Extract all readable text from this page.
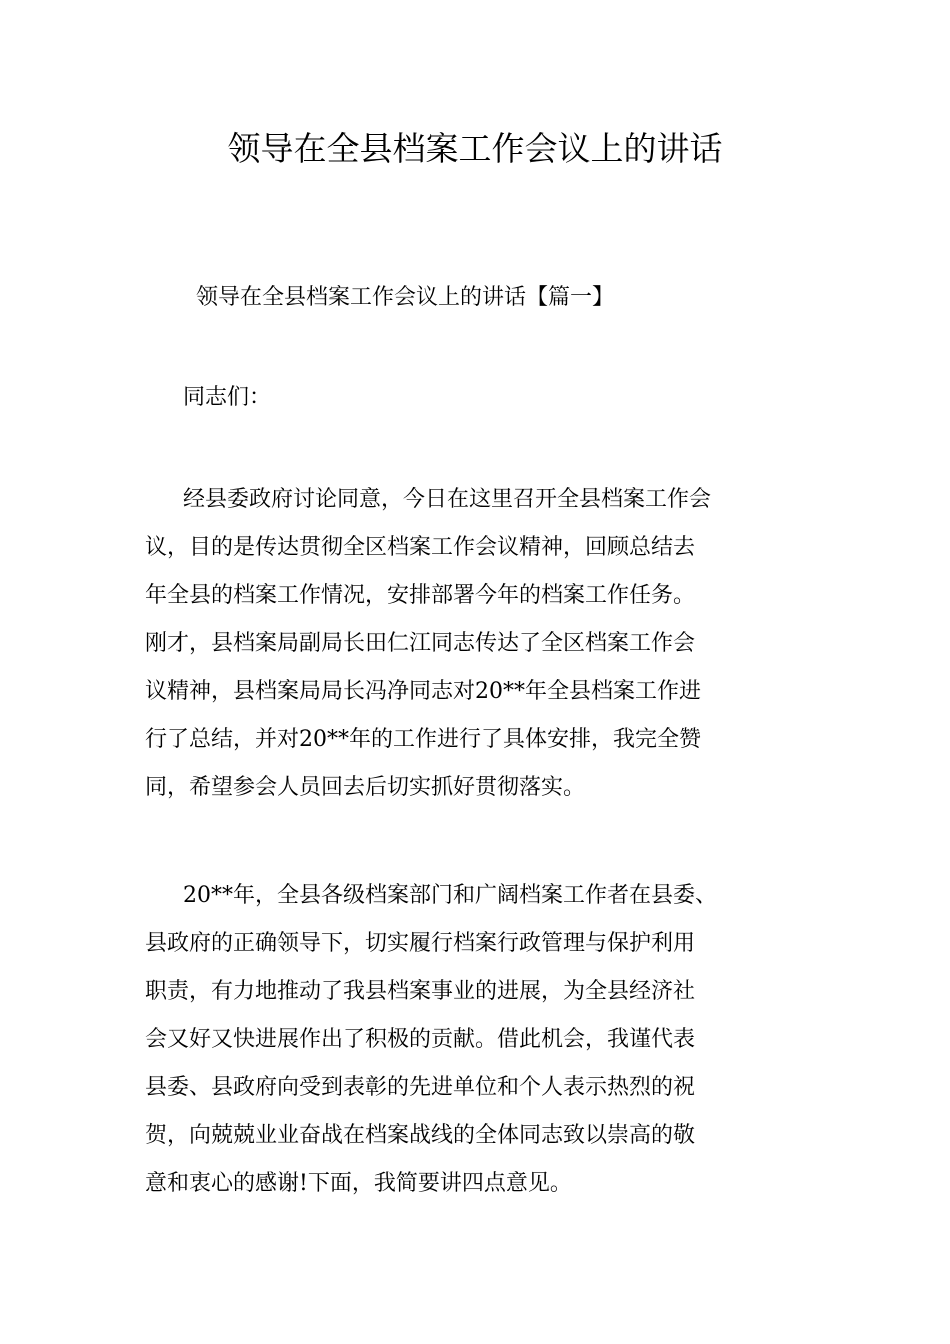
领导在全县档案工作会议上的讲话

领导在全县档案工作会议上的讲话【篇一】

同志们：

经县委政府讨论同意，今日在这里召开全县档案工作会
议，目的是传达贯彻全区档案工作会议精神，回顾总结去
年全县的档案工作情况，安排部署今年的档案工作任务。
刚才，县档案局副局长田仁江同志传达了全区档案工作会
议精神，县档案局局长冯净同志对20**年全县档案工作进
行了总结，并对20**年的工作进行了具体安排，我完全赞
同，希望参会人员回去后切实抓好贯彻落实。
20**年，全县各级档案部门和广阔档案工作者在县委、
县政府的正确领导下，切实履行档案行政管理与保护利用
职责，有力地推动了我县档案事业的进展，为全县经济社
会又好又快进展作出了积极的贡献。借此机会，我谨代表
县委、县政府向受到表彰的先进单位和个人表示热烈的祝
贺，向兢兢业业奋战在档案战线的全体同志致以崇高的敬
意和衷心的感谢!下面，我简要讲四点意见。
